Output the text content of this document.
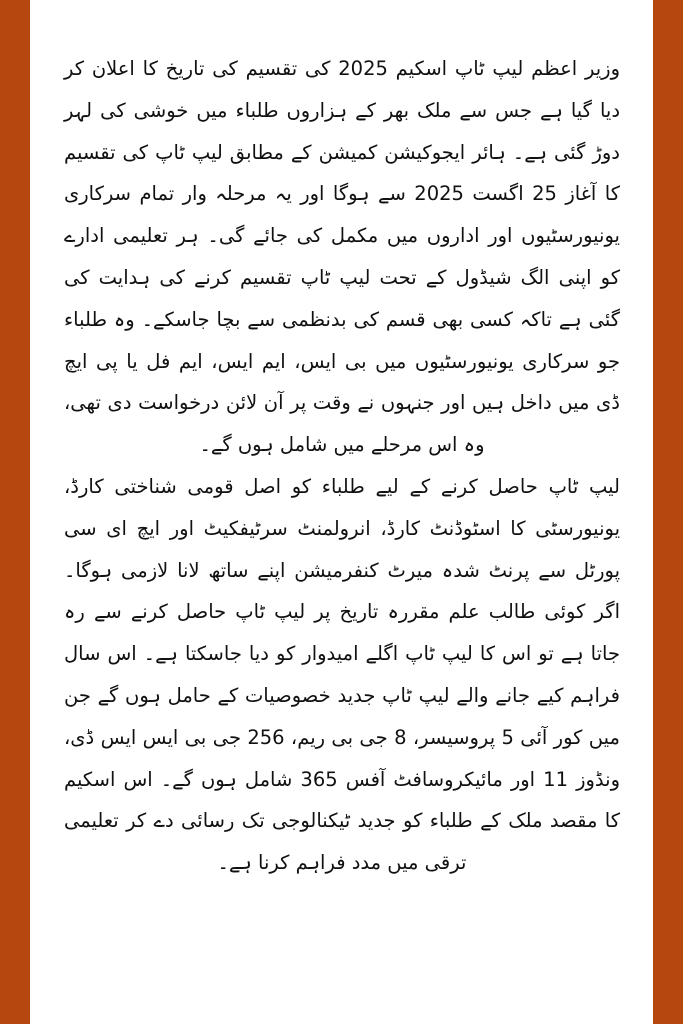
وزیر اعظم لیپ ٹاپ اسکیم 2025 کی تقسیم کی تاریخ کا اعلان کر دیا گیا ہے جس سے ملک بھر کے ہزاروں طلباء میں خوشی کی لہر دوڑ گئی ہے۔ ہائر ایجوکیشن کمیشن کے مطابق لیپ ٹاپ کی تقسیم کا آغاز 25 اگست 2025 سے ہوگا اور یہ مرحلہ وار تمام سرکاری یونیورسٹیوں اور اداروں میں مکمل کی جائے گی۔ ہر تعلیمی ادارے کو اپنی الگ شیڈول کے تحت لیپ ٹاپ تقسیم کرنے کی ہدایت کی گئی ہے تاکہ کسی بھی قسم کی بدنظمی سے بچا جاسکے۔ وہ طلباء جو سرکاری یونیورسٹیوں میں بی ایس، ایم ایس، ایم فل یا پی ایچ ڈی میں داخل ہیں اور جنہوں نے وقت پر آن لائن درخواست دی تھی، وہ اس مرحلے میں شامل ہوں گے۔

لیپ ٹاپ حاصل کرنے کے لیے طلباء کو اصل قومی شناختی کارڈ، یونیورسٹی کا اسٹوڈنٹ کارڈ، انرولمنٹ سرٹیفکیٹ اور ایچ ای سی پورٹل سے پرنٹ شدہ میرٹ کنفرمیشن اپنے ساتھ لانا لازمی ہوگا۔ اگر کوئی طالب علم مقررہ تاریخ پر لیپ ٹاپ حاصل کرنے سے رہ جاتا ہے تو اس کا لیپ ٹاپ اگلے امیدوار کو دیا جاسکتا ہے۔ اس سال فراہم کیے جانے والے لیپ ٹاپ جدید خصوصیات کے حامل ہوں گے جن میں کور آئی 5 پروسیسر، 8 جی بی ریم، 256 جی بی ایس ایس ڈی، ونڈوز 11 اور مائیکروسافٹ آفس 365 شامل ہوں گے۔ اس اسکیم کا مقصد ملک کے طلباء کو جدید ٹیکنالوجی تک رسائی دے کر تعلیمی ترقی میں مدد فراہم کرنا ہے۔
